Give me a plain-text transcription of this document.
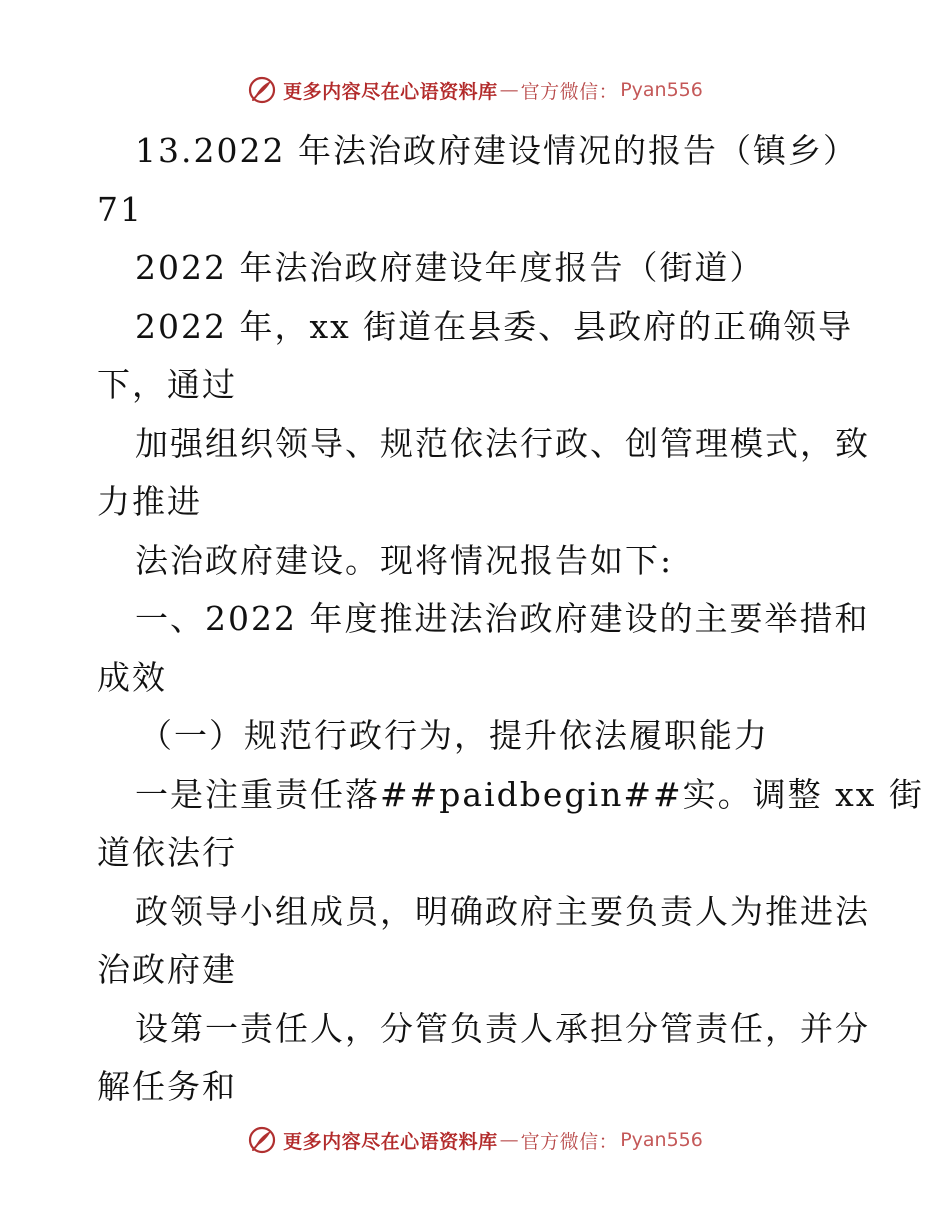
更多内容尽在心语资料库 — 官方微信： Pyan556
13.2022 年法治政府建设情况的报告（镇乡）
71
2022 年法治政府建设年度报告（街道）
2022 年，xx 街道在县委、县政府的正确领导
下，通过
加强组织领导、规范依法行政、创管理模式，致
力推进
法治政府建设。现将情况报告如下:
一、2022 年度推进法治政府建设的主要举措和
成效
（一）规范行政行为，提升依法履职能力
一是注重责任落##paidbegin##实。调整 xx 街
道依法行
政领导小组成员，明确政府主要负责人为推进法
治政府建
设第一责任人，分管负责人承担分管责任，并分
解任务和
更多内容尽在心语资料库 — 官方微信： Pyan556
